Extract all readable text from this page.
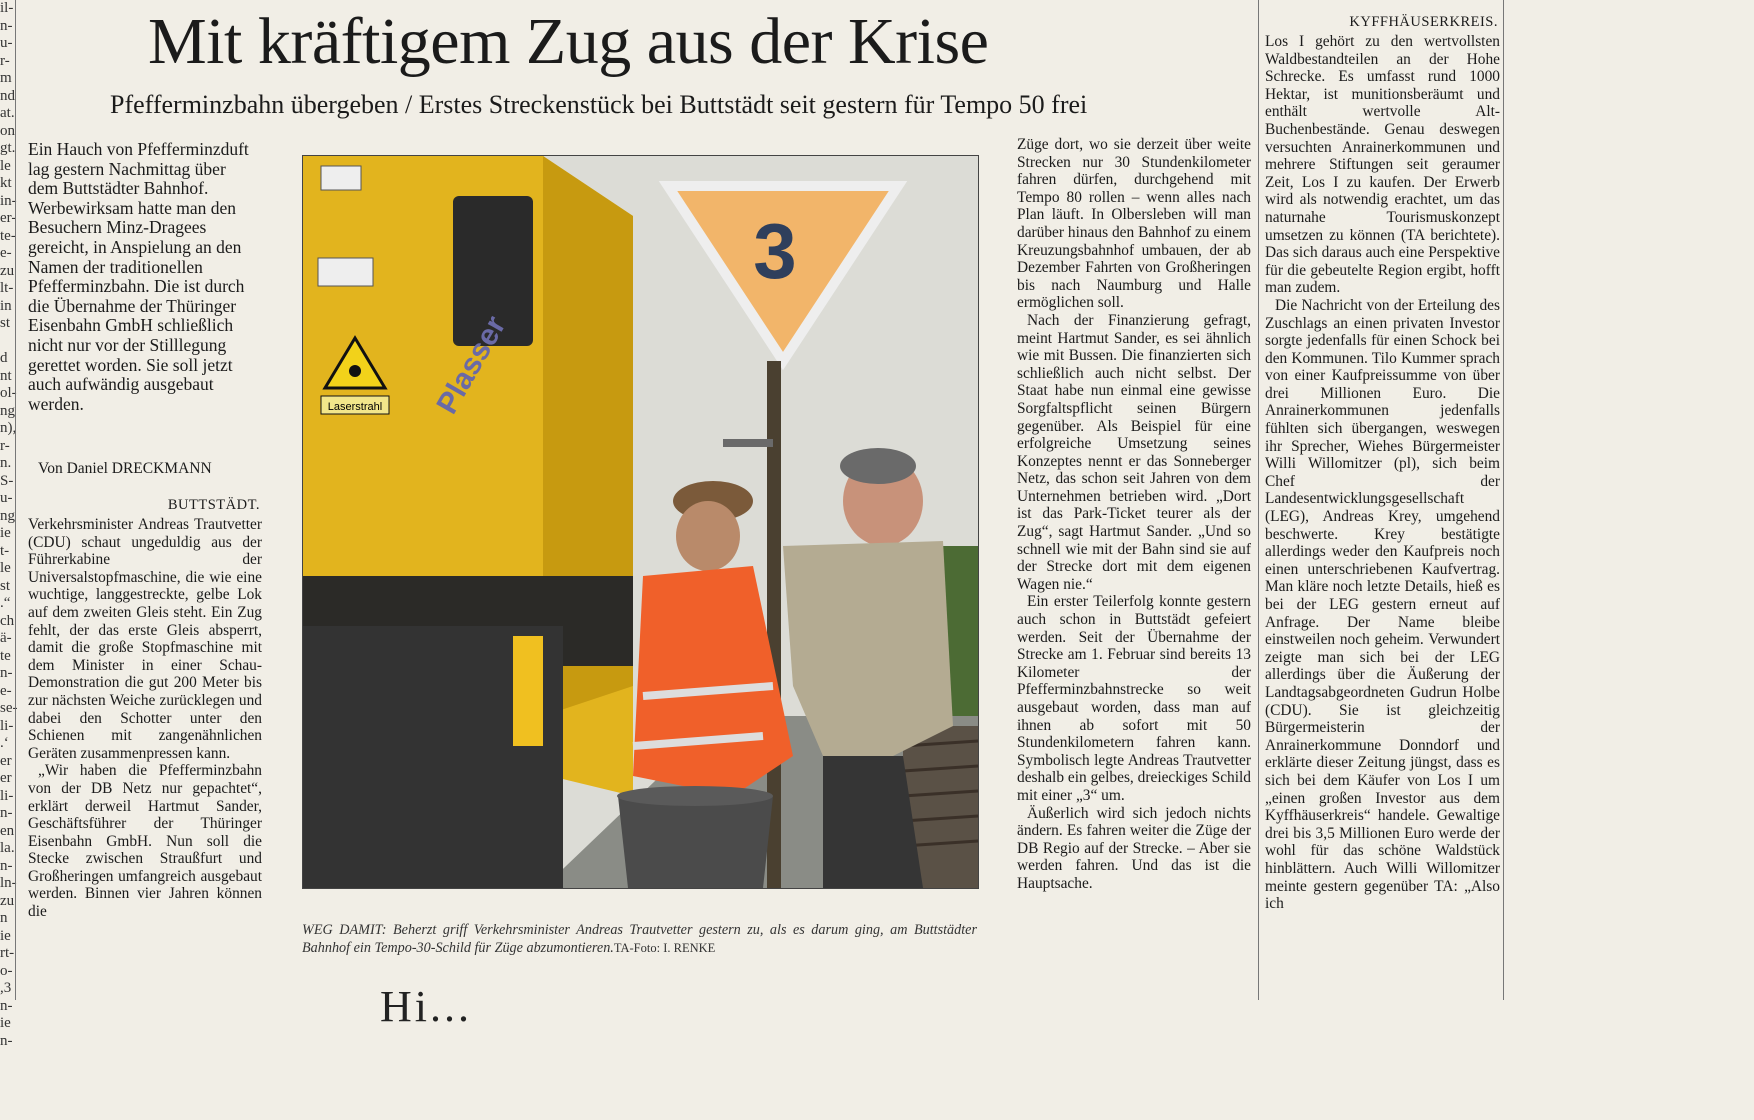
il-
n-
u-
r-
m
nd
at.
on
gt.
le
kt
in-
er-
te-
e-
zu
lt-
in
st

d
nt
ol-
ng
n),
r-
n.
S-
u-
ng
ie
t-
le
st
.“
ch
ä-
te
n-
e-
se-
li-
.‘
er
er
li-
n-
en
la.
n-
ln-
zu
n
ie
rt-
o-
,3
n-
ie
n-
Mit kräftigem Zug aus der Krise
Pfefferminzbahn übergeben / Erstes Streckenstück bei Buttstädt seit gestern für Tempo 50 frei

Ein Hauch von Pfefferminzduft lag gestern Nachmittag über dem Buttstädter Bahnhof. Werbewirksam hatte man den Besuchern Minz-Dragees gereicht, in Anspielung an den Namen der traditionellen Pfefferminzbahn. Die ist durch die Übernahme der Thüringer Eisenbahn GmbH schließlich nicht nur vor der Stilllegung gerettet worden. Sie soll jetzt auch aufwändig ausgebaut werden.

Von Daniel DRECKMANN
BUTTSTÄDT.

Verkehrsminister Andreas Trautvetter (CDU) schaut ungeduldig aus der Führerkabine der Universalstopfmaschine, die wie eine wuchtige, langgestreckte, gelbe Lok auf dem zweiten Gleis steht. Ein Zug fehlt, der das erste Gleis absperrt, damit die große Stopfmaschine mit dem Minister in einer Schau-Demonstration die gut 200 Meter bis zur nächsten Weiche zurücklegen und dabei den Schotter unter den Schienen mit zangenähnlichen Geräten zusammenpressen kann.

„Wir haben die Pfefferminzbahn von der DB Netz nur gepachtet“, erklärt derweil Hartmut Sander, Geschäftsführer der Thüringer Eisenbahn GmbH. Nun soll die Stecke zwischen Straußfurt und Großheringen umfangreich ausgebaut werden. Binnen vier Jahren können die

Laserstrahl Plasser
3
WEG DAMIT: Beherzt griff Verkehrsminister Andreas Trautvetter gestern zu, als es darum ging, am Buttstädter Bahnhof ein Tempo-30-Schild für Züge abzumontieren.TA-Foto: I. RENKE

Züge dort, wo sie derzeit über weite Strecken nur 30 Stundenkilometer fahren dürfen, durchgehend mit Tempo 80 rollen – wenn alles nach Plan läuft. In Olbersleben will man darüber hinaus den Bahnhof zu einem Kreuzungsbahnhof umbauen, der ab Dezember Fahrten von Großheringen bis nach Naumburg und Halle ermöglichen soll.

Nach der Finanzierung gefragt, meint Hartmut Sander, es sei ähnlich wie mit Bussen. Die finanzierten sich schließlich auch nicht selbst. Der Staat habe nun einmal eine gewisse Sorgfaltspflicht seinen Bürgern gegenüber. Als Beispiel für eine erfolgreiche Umsetzung seines Konzeptes nennt er das Sonneberger Netz, das schon seit Jahren von dem Unternehmen betrieben wird. „Dort ist das Park-Ticket teurer als der Zug“, sagt Hartmut Sander. „Und so schnell wie mit der Bahn sind sie auf der Strecke dort mit dem eigenen Wagen nie.“

Ein erster Teilerfolg konnte gestern auch schon in Buttstädt gefeiert werden. Seit der Übernahme der Strecke am 1. Februar sind bereits 13 Kilometer der Pfefferminzbahnstrecke so weit ausgebaut worden, dass man auf ihnen ab sofort mit 50 Stundenkilometern fahren kann. Symbolisch legte Andreas Trautvetter deshalb ein gelbes, dreieckiges Schild mit einer „3“ um.

Äußerlich wird sich jedoch nichts ändern. Es fahren weiter die Züge der DB Regio auf der Strecke. – Aber sie werden fahren. Und das ist die Hauptsache.

KYFFHÄUSERKREIS.

Los I gehört zu den wertvollsten Waldbestandteilen an der Hohe Schrecke. Es umfasst rund 1000 Hektar, ist munitionsberäumt und enthält wertvolle Alt-Buchenbestände. Genau deswegen versuchten Anrainerkommunen und mehrere Stiftungen seit geraumer Zeit, Los I zu kaufen. Der Erwerb wird als notwendig erachtet, um das naturnahe Tourismuskonzept umsetzen zu können (TA berichtete). Das sich daraus auch eine Perspektive für die gebeutelte Region ergibt, hofft man zudem.

Die Nachricht von der Erteilung des Zuschlags an einen privaten Investor sorgte jedenfalls für einen Schock bei den Kommunen. Tilo Kummer sprach von einer Kaufpreissumme von über drei Millionen Euro. Die Anrainerkommunen jedenfalls fühlten sich übergangen, weswegen ihr Sprecher, Wiehes Bürgermeister Willi Willomitzer (pl), sich beim Chef der Landesentwicklungsgesellschaft (LEG), Andreas Krey, umgehend beschwerte. Krey bestätigte allerdings weder den Kaufpreis noch einen unterschriebenen Kaufvertrag. Man kläre noch letzte Details, hieß es bei der LEG gestern erneut auf Anfrage. Der Name bleibe einstweilen noch geheim. Verwundert zeigte man sich bei der LEG allerdings über die Äußerung der Landtagsabgeordneten Gudrun Holbe (CDU). Sie ist gleichzeitig Bürgermeisterin der Anrainerkommune Donndorf und erklärte dieser Zeitung jüngst, dass es sich bei dem Käufer von Los I um „einen großen Investor aus dem Kyffhäuserkreis“ handele. Gewaltige drei bis 3,5 Millionen Euro werde der wohl für das schöne Waldstück hinblättern. Auch Willi Willomitzer meinte gestern gegenüber TA: „Also ich

Hi...
